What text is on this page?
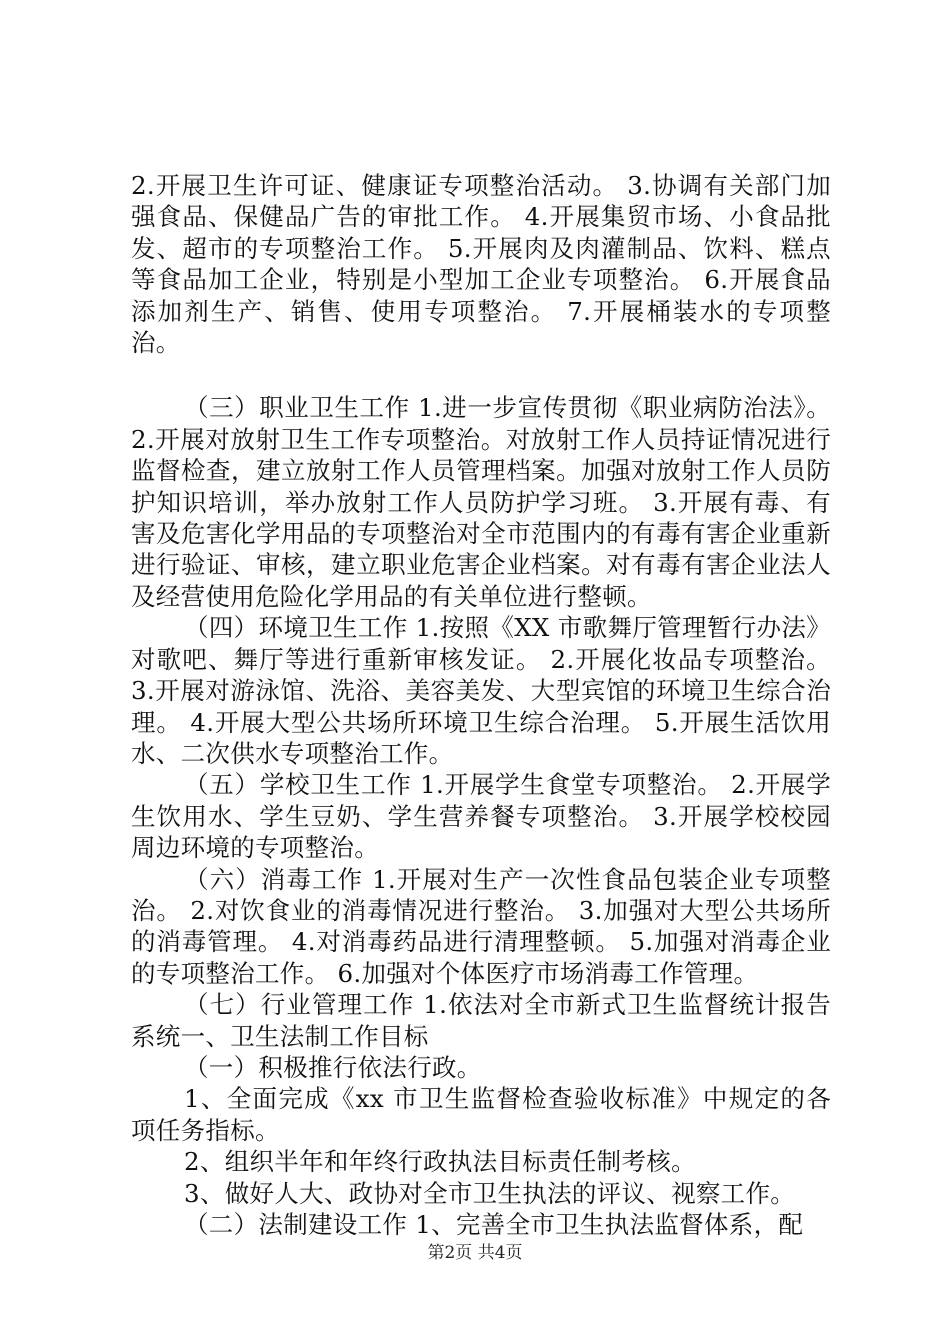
2.开展卫生许可证、健康证专项整治活动。 3.协调有关部门加强食品、保健品广告的审批工作。 4.开展集贸市场、小食品批发、超市的专项整治工作。 5.开展肉及肉灌制品、饮料、糕点等食品加工企业，特别是小型加工企业专项整治。 6.开展食品添加剂生产、销售、使用专项整治。 7.开展桶装水的专项整治。

（三）职业卫生工作 1.进一步宣传贯彻《职业病防治法》。 2.开展对放射卫生工作专项整治。对放射工作人员持证情况进行监督检查，建立放射工作人员管理档案。加强对放射工作人员防护知识培训，举办放射工作人员防护学习班。 3.开展有毒、有害及危害化学用品的专项整治对全市范围内的有毒有害企业重新进行验证、审核，建立职业危害企业档案。对有毒有害企业法人及经营使用危险化学用品的有关单位进行整顿。

（四）环境卫生工作 1.按照《XX 市歌舞厅管理暂行办法》对歌吧、舞厅等进行重新审核发证。 2.开展化妆品专项整治。 3.开展对游泳馆、洗浴、美容美发、大型宾馆的环境卫生综合治理。 4.开展大型公共场所环境卫生综合治理。 5.开展生活饮用水、二次供水专项整治工作。

（五）学校卫生工作 1.开展学生食堂专项整治。 2.开展学生饮用水、学生豆奶、学生营养餐专项整治。 3.开展学校校园周边环境的专项整治。

（六）消毒工作 1.开展对生产一次性食品包装企业专项整治。 2.对饮食业的消毒情况进行整治。 3.加强对大型公共场所的消毒管理。 4.对消毒药品进行清理整顿。 5.加强对消毒企业的专项整治工作。 6.加强对个体医疗市场消毒工作管理。

（七）行业管理工作 1.依法对全市新式卫生监督统计报告系统一、卫生法制工作目标

（一）积极推行依法行政。

1、全面完成《xx 市卫生监督检查验收标准》中规定的各项任务指标。

2、组织半年和年终行政执法目标责任制考核。

3、做好人大、政协对全市卫生执法的评议、视察工作。

（二）法制建设工作 1、完善全市卫生执法监督体系，配

第2页 共4页
